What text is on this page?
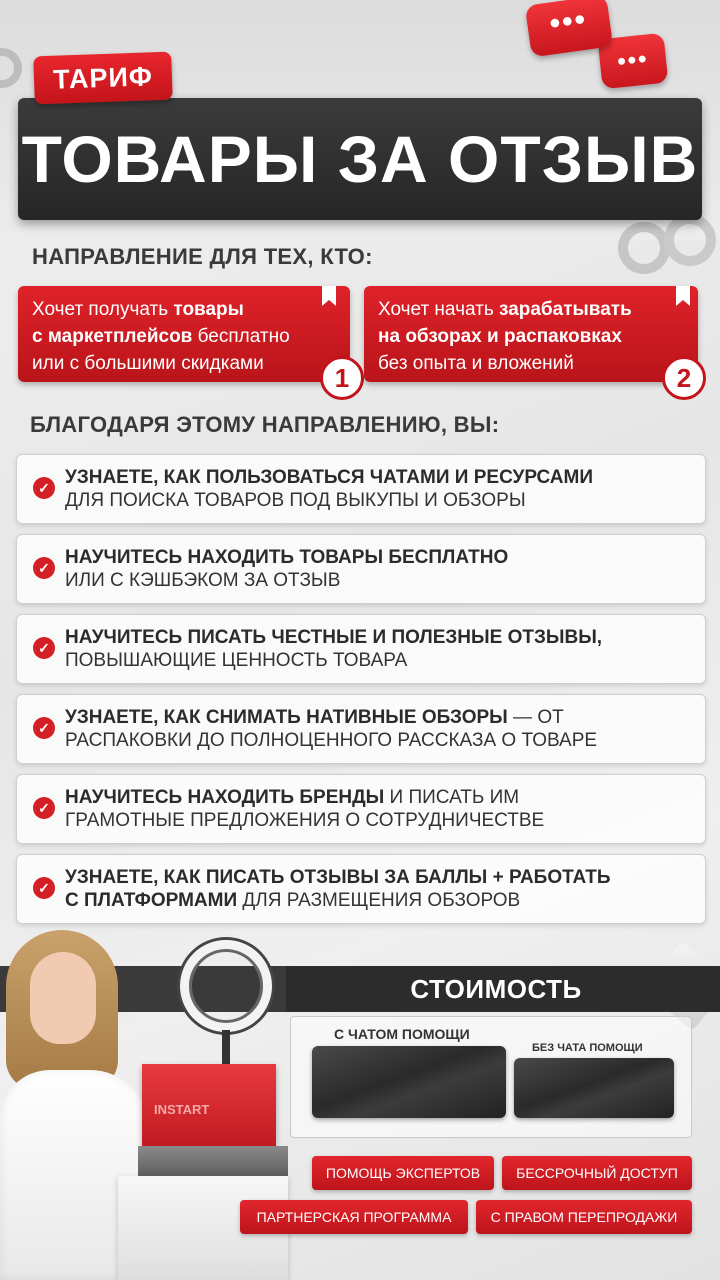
ТАРИФ
ТОВАРЫ ЗА ОТЗЫВ
•••
•••
НАПРАВЛЕНИЕ ДЛЯ ТЕХ, КТО:
Хочет получать товары
с маркетплейсов бесплатно
или с большими скидками	1
Хочет начать зарабатывать
на обзорах и распаковках
без опыта и вложений	2
БЛАГОДАРЯ ЭТОМУ НАПРАВЛЕНИЮ, ВЫ:
✓ УЗНАЕТЕ, КАК ПОЛЬЗОВАТЬСЯ ЧАТАМИ И РЕСУРСАМИ
ДЛЯ ПОИСКА ТОВАРОВ ПОД ВЫКУПЫ И ОБЗОРЫ
✓ НАУЧИТЕСЬ НАХОДИТЬ ТОВАРЫ БЕСПЛАТНО
ИЛИ С КЭШБЭКОМ ЗА ОТЗЫВ
✓ НАУЧИТЕСЬ ПИСАТЬ ЧЕСТНЫЕ И ПОЛЕЗНЫЕ ОТЗЫВЫ,
ПОВЫШАЮЩИЕ ЦЕННОСТЬ ТОВАРА
✓ УЗНАЕТЕ, КАК СНИМАТЬ НАТИВНЫЕ ОБЗОРЫ — ОТ
РАСПАКОВКИ ДО ПОЛНОЦЕННОГО РАССКАЗА О ТОВАРЕ
✓ НАУЧИТЕСЬ НАХОДИТЬ БРЕНДЫ И ПИСАТЬ ИМ
ГРАМОТНЫЕ ПРЕДЛОЖЕНИЯ О СОТРУДНИЧЕСТВЕ
✓ УЗНАЕТЕ, КАК ПИСАТЬ ОТЗЫВЫ ЗА БАЛЛЫ + РАБОТАТЬ
С ПЛАТФОРМАМИ ДЛЯ РАЗМЕЩЕНИЯ ОБЗОРОВ
INSTART
СТОИМОСТЬ
С ЧАТОМ ПОМОЩИ
БЕЗ ЧАТА ПОМОЩИ
ПОМОЩЬ ЭКСПЕРТОВ	БЕССРОЧНЫЙ ДОСТУП
ПАРТНЕРСКАЯ ПРОГРАММА	С ПРАВОМ ПЕРЕПРОДАЖИ
